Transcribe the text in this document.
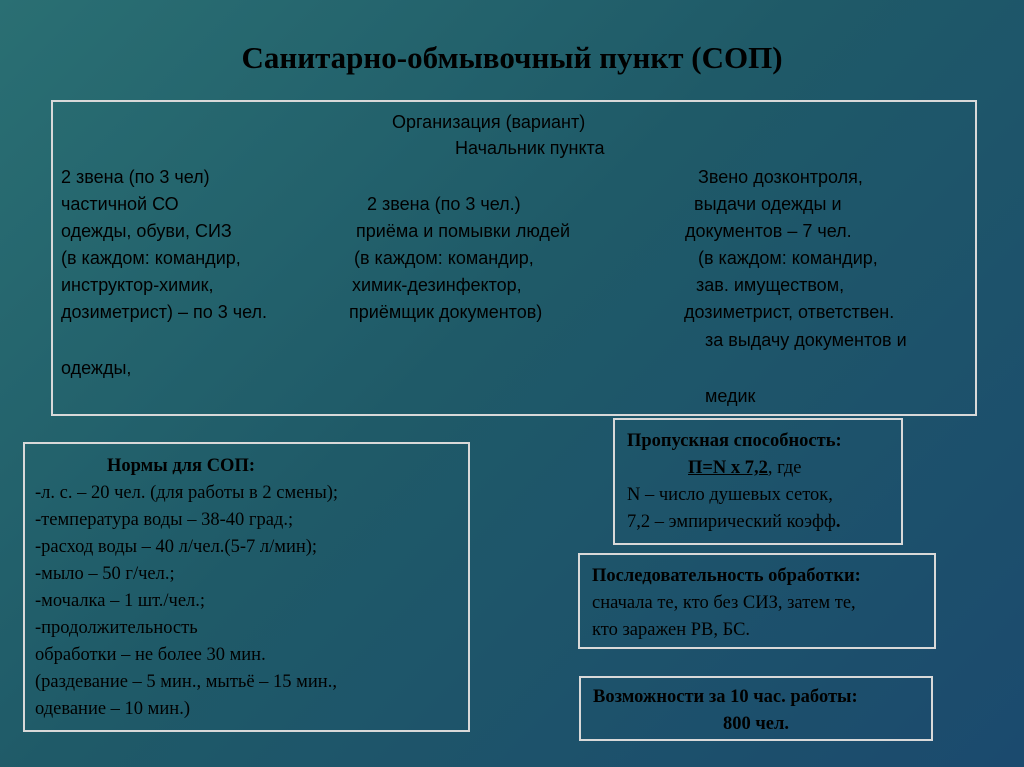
Санитарно-обмывочный пункт (СОП)
Организация (вариант)
Начальник пункта
2 звена (по 3 чел)
частичной СО
одежды, обуви, СИЗ
(в каждом: командир,
инструктор-химик,
дозиметрист) – по 3 чел.
одежды,
2 звена (по 3 чел.)
приёма и помывки людей
(в каждом: командир,
химик-дезинфектор,
приёмщик документов)
Звено дозконтроля,
выдачи одежды и
документов – 7 чел.
(в каждом: командир,
зав. имуществом,
дозиметрист, ответствен.
за выдачу документов и
медик
Нормы для СОП:
-л. с. – 20 чел. (для работы в 2 смены);
-температура воды – 38-40 град.;
-расход воды – 40 л/чел.(5-7 л/мин);
-мыло – 50 г/чел.;
-мочалка – 1 шт./чел.;
-продолжительность
обработки – не более 30 мин.
(раздевание – 5 мин., мытьё – 15 мин.,
одевание – 10 мин.)
Пропускная способность:
П=N х 7,2, где
N – число душевых сеток,
7,2 – эмпирический коэфф.
Последовательность обработки:
сначала те, кто без СИЗ, затем те,
кто заражен РВ, БС.
Возможности за 10 час. работы:
800 чел.
